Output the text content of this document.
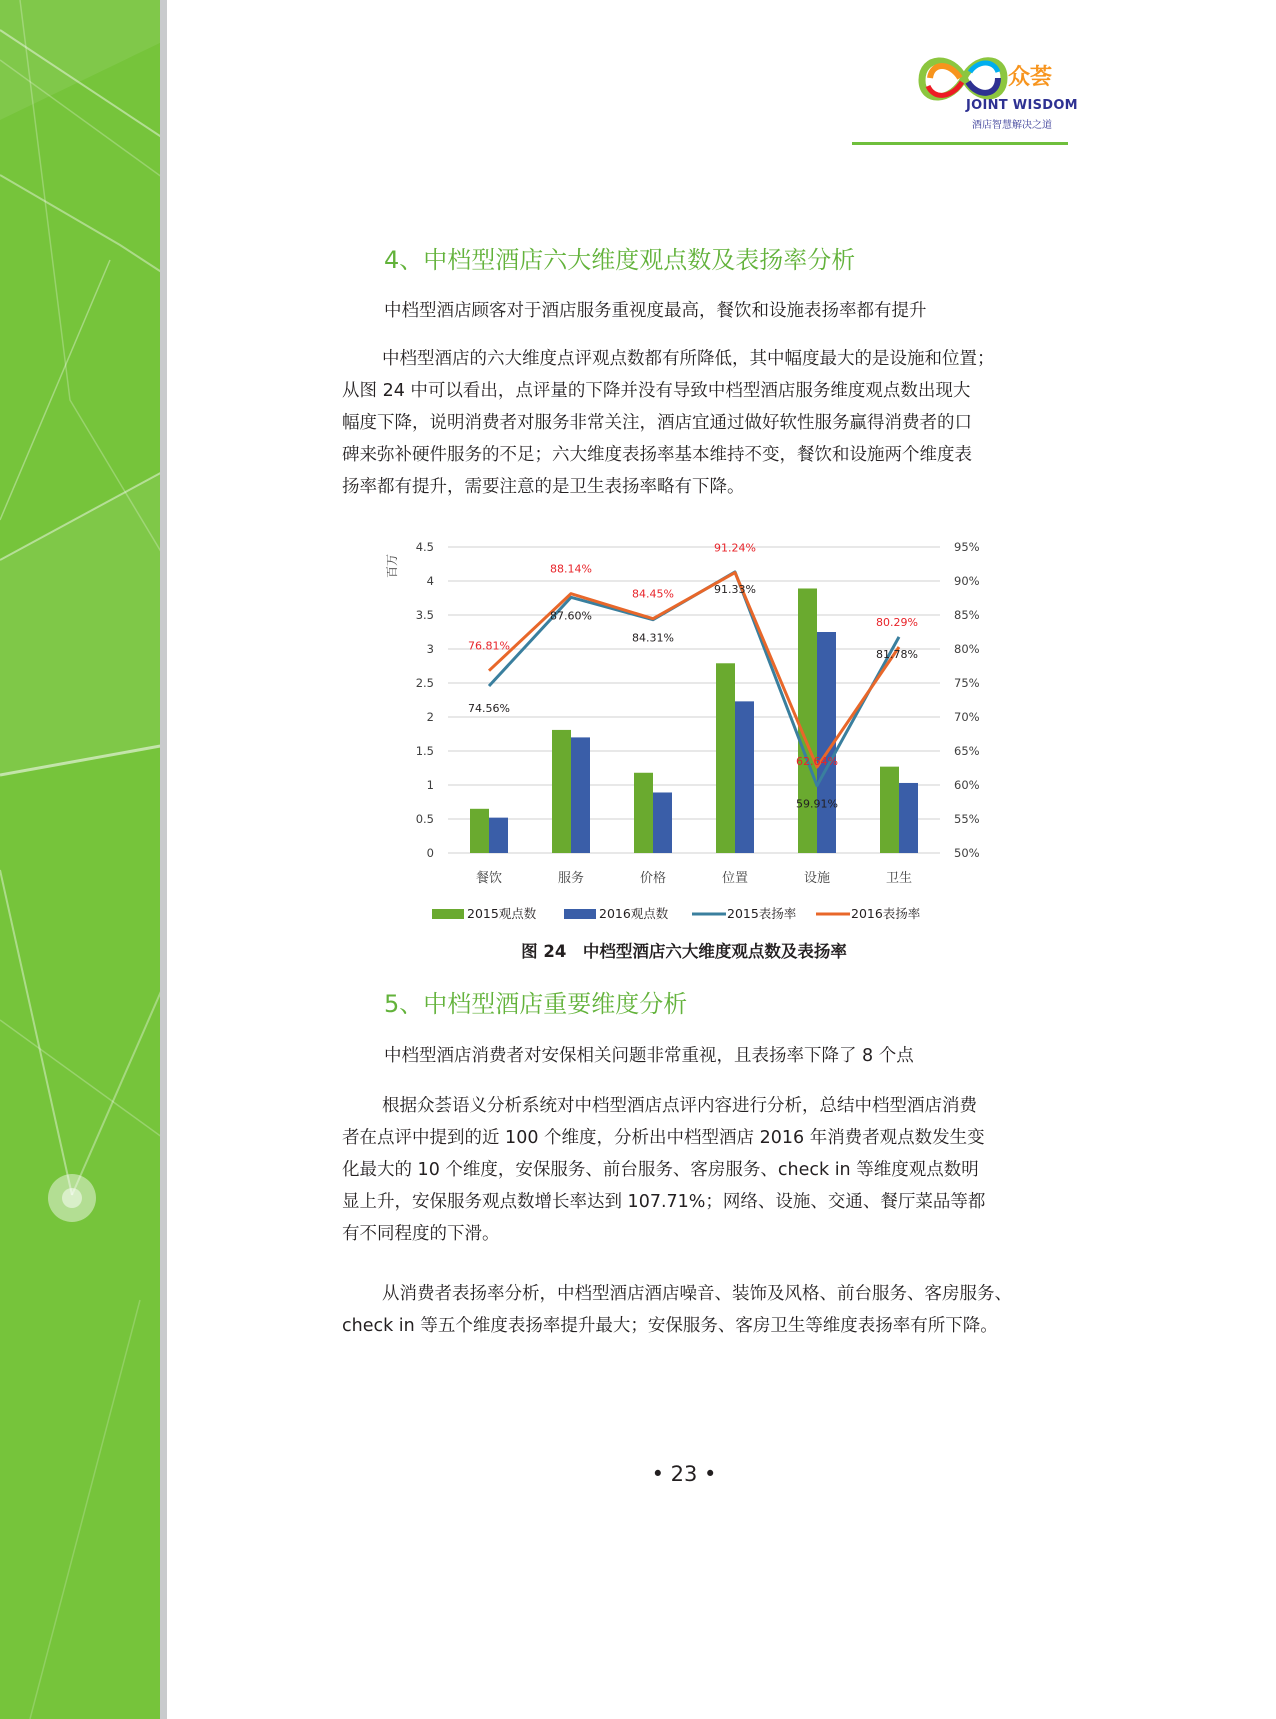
众荟
JOINT WISDOM
酒店智慧解决之道
4、中档型酒店六大维度观点数及表扬率分析
中档型酒店顾客对于酒店服务重视度最高，餐饮和设施表扬率都有提升
中档型酒店的六大维度点评观点数都有所降低，其中幅度最大的是设施和位置；
从图 24 中可以看出，点评量的下降并没有导致中档型酒店服务维度观点数出现大
幅度下降，说明消费者对服务非常关注，酒店宜通过做好软性服务赢得消费者的口
碑来弥补硬件服务的不足；六大维度表扬率基本维持不变，餐饮和设施两个维度表
扬率都有提升，需要注意的是卫生表扬率略有下降。
4.5
4
3.5
3
2.5
2
1.5
1
0.5
0
95%
90%
85%
80%
75%
70%
65%
60%
55%
50%
百万
餐饮	服务	价格	位置	设施	卫生
74.56%
87.60%
84.31%
91.33%
59.91%
81.78%
76.81%
88.14%
84.45%
91.24%
62.64%
80.29%
2015观点数	2016观点数	2015表扬率	2016表扬率
图 24　中档型酒店六大维度观点数及表扬率
5、中档型酒店重要维度分析
中档型酒店消费者对安保相关问题非常重视，且表扬率下降了 8 个点
根据众荟语义分析系统对中档型酒店点评内容进行分析，总结中档型酒店消费
者在点评中提到的近 100 个维度，分析出中档型酒店 2016 年消费者观点数发生变
化最大的 10 个维度，安保服务、前台服务、客房服务、check in 等维度观点数明
显上升，安保服务观点数增长率达到 107.71%；网络、设施、交通、餐厅菜品等都
有不同程度的下滑。
从消费者表扬率分析，中档型酒店酒店噪音、装饰及风格、前台服务、客房服务、
check in 等五个维度表扬率提升最大；安保服务、客房卫生等维度表扬率有所下降。
• 23 •
